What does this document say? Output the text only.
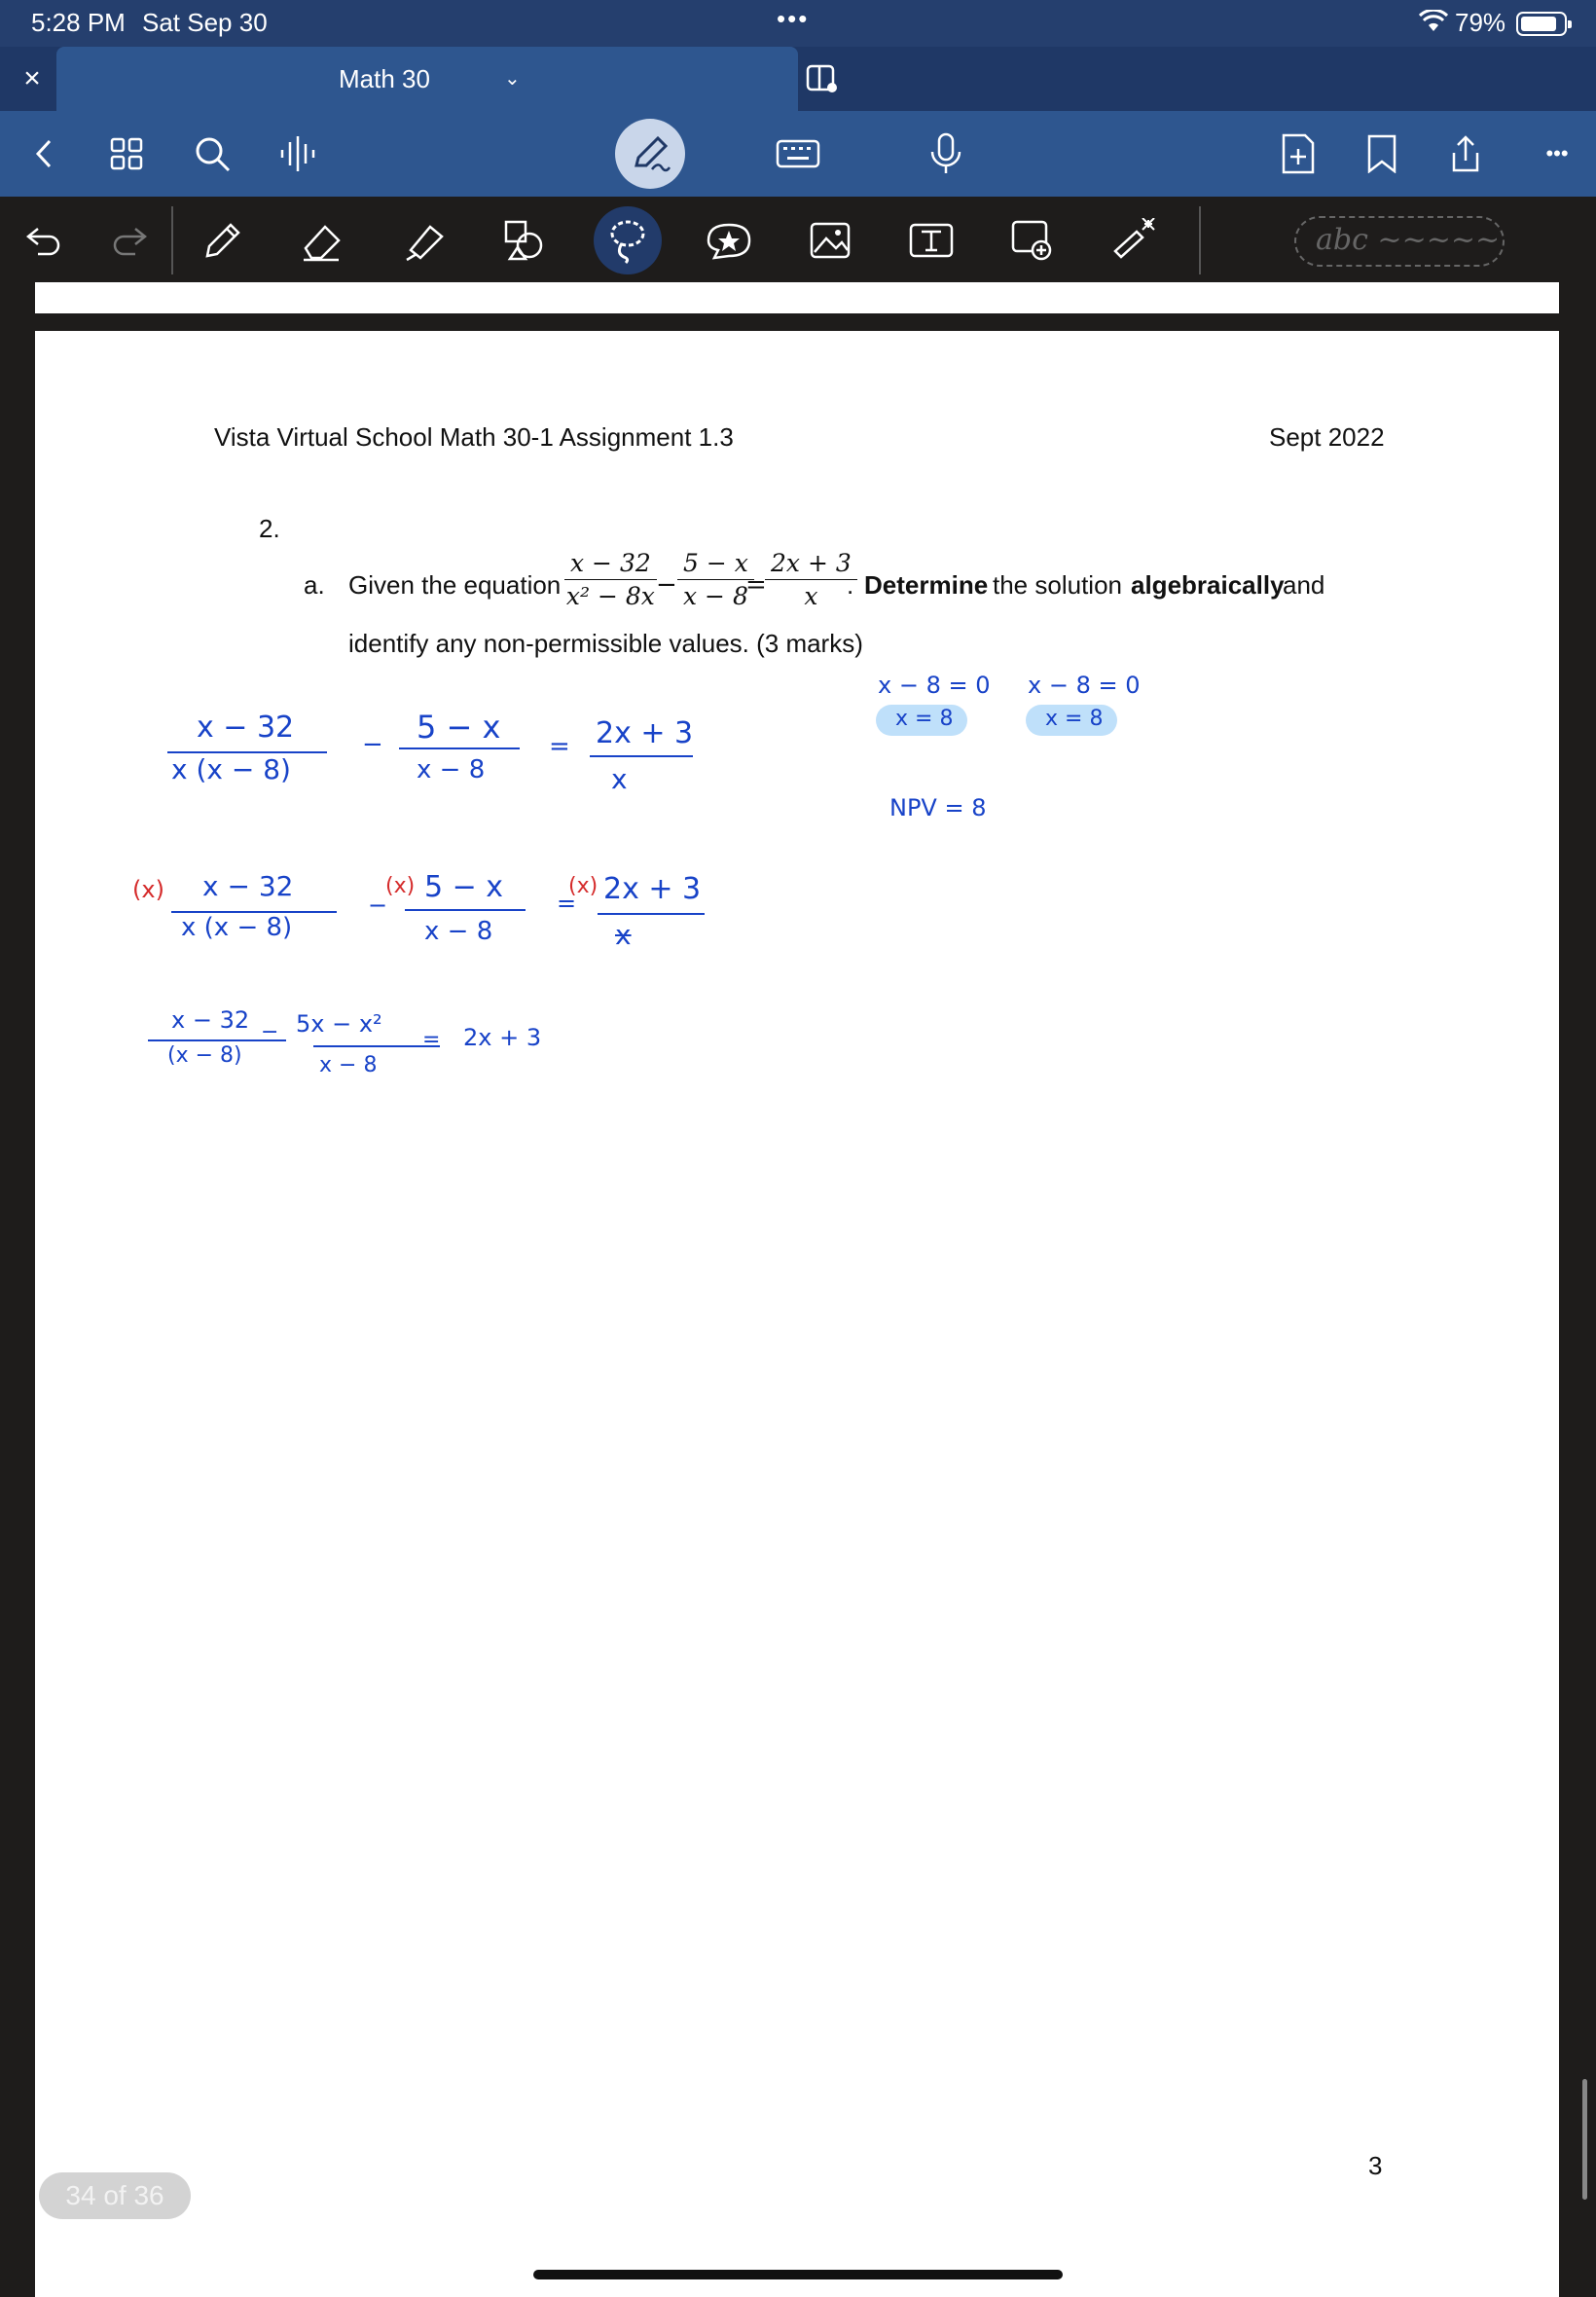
5:28 PM Sat Sep 30	•••	79%
×	Math 30	⌄
•••
abc ~~~~~
Vista Virtual School Math 30-1 Assignment 1.3	Sept 2022
2.
a. Given the equation $\frac{x - 32}{\text{x² − 8x}} - \frac{5 - x}{x - 8}$
=
$\frac{2x + 3}{x}$
. Determine the solution algebraically
and
identify any non-permissible values. (3 marks)
x − 8 = 0
x = 8
x − 8 = 0
x = 8
NPV = 8
x − 32
x (x − 8)
− 5 − x
x − 8
= 2x + 3
x
(x) x − 32
x (x − 8)
−
(x) 5 − x
x − 8
=
(x) 2x + 3
x
x − 32
(x − 8)
− 5x − x²
x − 8
= 2x + 3
3
34 of 36
